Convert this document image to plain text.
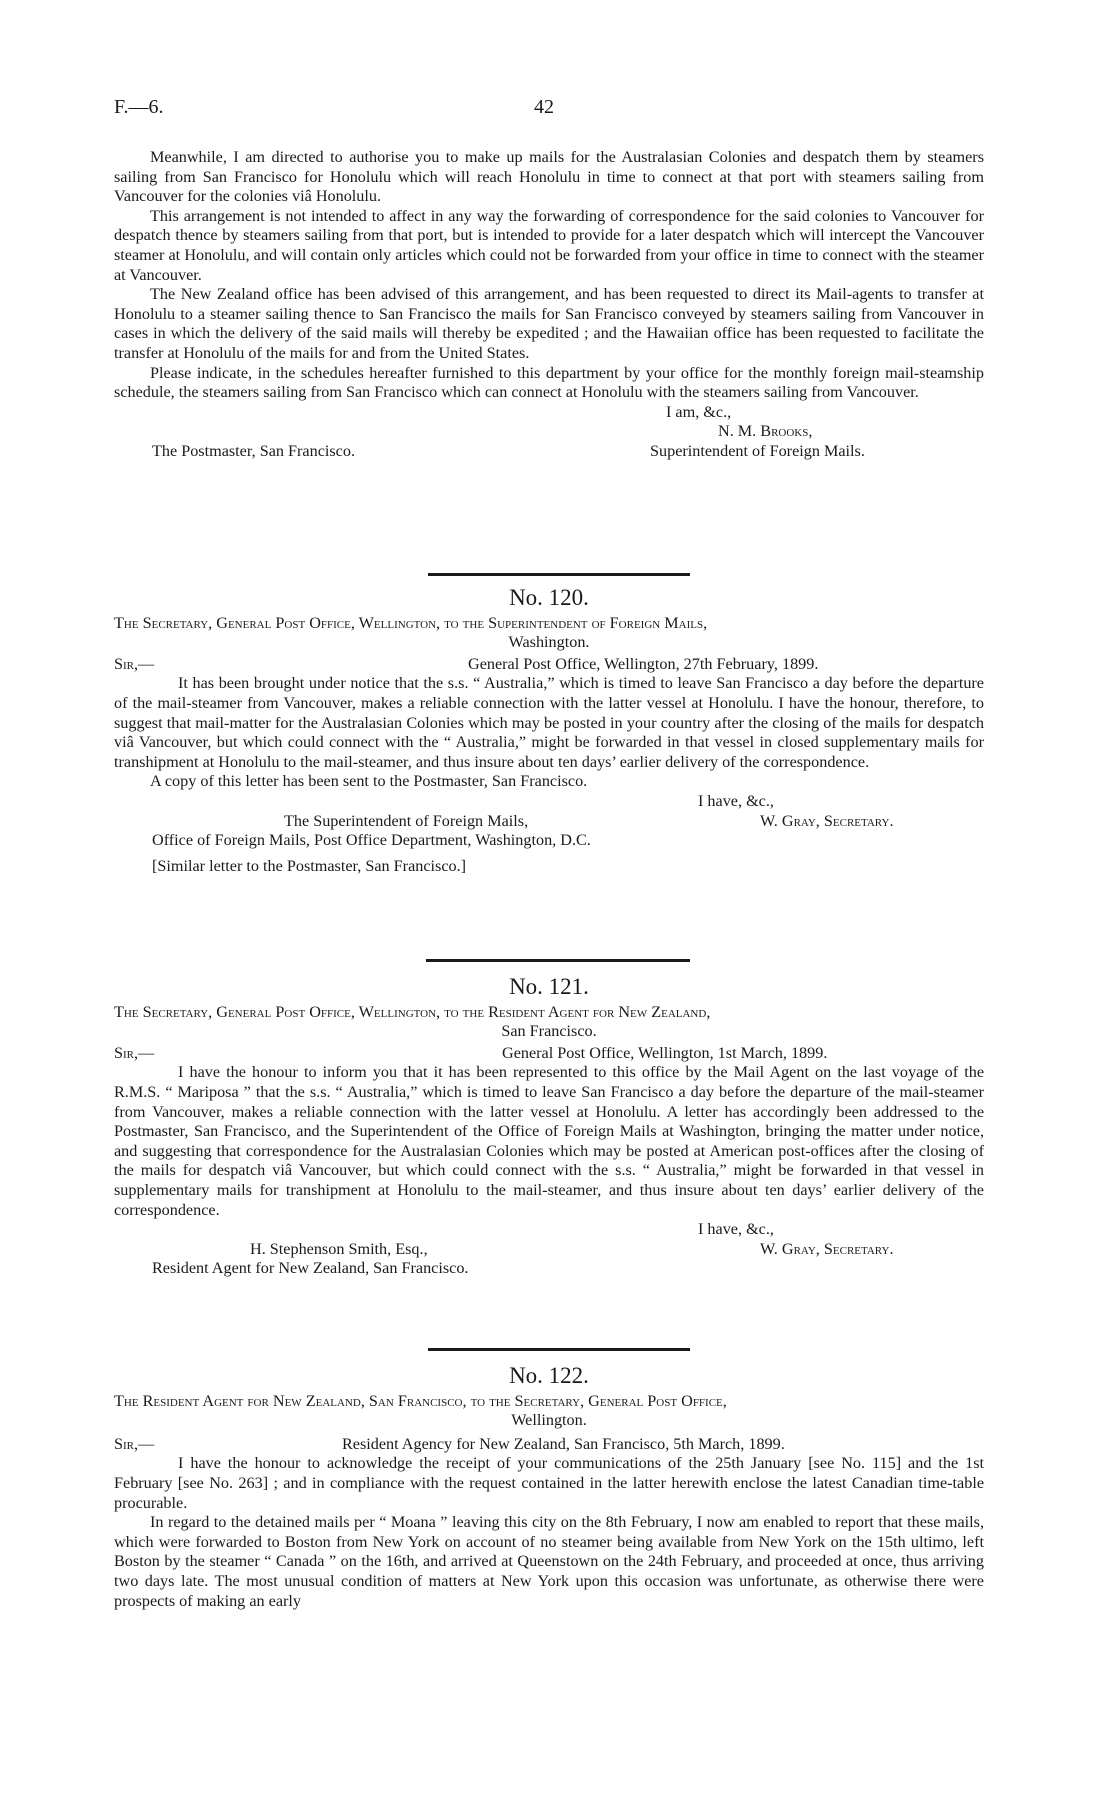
F.—6.	42

Meanwhile, I am directed to authorise you to make up mails for the Australasian Colonies and despatch them by steamers sailing from San Francisco for Honolulu which will reach Honolulu in time to connect at that port with steamers sailing from Vancouver for the colonies viâ Honolulu.

This arrangement is not intended to affect in any way the forwarding of correspondence for the said colonies to Vancouver for despatch thence by steamers sailing from that port, but is intended to provide for a later despatch which will intercept the Vancouver steamer at Honolulu, and will contain only articles which could not be forwarded from your office in time to connect with the steamer at Vancouver.

The New Zealand office has been advised of this arrangement, and has been requested to direct its Mail-agents to transfer at Honolulu to a steamer sailing thence to San Francisco the mails for San Francisco conveyed by steamers sailing from Vancouver in cases in which the delivery of the said mails will thereby be expedited ; and the Hawaiian office has been requested to facilitate the transfer at Honolulu of the mails for and from the United States.

Please indicate, in the schedules hereafter furnished to this department by your office for the monthly foreign mail-steamship schedule, the steamers sailing from San Francisco which can connect at Honolulu with the steamers sailing from Vancouver.

I am, &c.,
N. M. Brooks,
The Postmaster, San Francisco.	Superintendent of Foreign Mails.

No. 120.

The Secretary, General Post Office, Wellington, to the Superintendent of Foreign Mails,

Washington.

Sir,—	General Post Office, Wellington, 27th February, 1899.

It has been brought under notice that the s.s. “ Australia,” which is timed to leave San Francisco a day before the departure of the mail-steamer from Vancouver, makes a reliable connection with the latter vessel at Honolulu. I have the honour, therefore, to suggest that mail-matter for the Australasian Colonies which may be posted in your country after the closing of the mails for despatch viâ Vancouver, but which could connect with the “ Australia,” might be forwarded in that vessel in closed supplementary mails for transhipment at Honolulu to the mail-steamer, and thus insure about ten days’ earlier delivery of the correspondence.

A copy of this letter has been sent to the Postmaster, San Francisco.

I have, &c.,
The Superintendent of Foreign Mails,	W. Gray, Secretary.
Office of Foreign Mails, Post Office Department, Washington, D.C.
[Similar letter to the Postmaster, San Francisco.]

No. 121.

The Secretary, General Post Office, Wellington, to the Resident Agent for New Zealand,

San Francisco.

Sir,—	General Post Office, Wellington, 1st March, 1899.

I have the honour to inform you that it has been represented to this office by the Mail Agent on the last voyage of the R.M.S. “ Mariposa ” that the s.s. “ Australia,” which is timed to leave San Francisco a day before the departure of the mail-steamer from Vancouver, makes a reliable connection with the latter vessel at Honolulu. A letter has accordingly been addressed to the Postmaster, San Francisco, and the Superintendent of the Office of Foreign Mails at Washington, bringing the matter under notice, and suggesting that correspondence for the Australasian Colonies which may be posted at American post-offices after the closing of the mails for despatch viâ Vancouver, but which could connect with the s.s. “ Australia,” might be forwarded in that vessel in supplementary mails for transhipment at Honolulu to the mail-steamer, and thus insure about ten days’ earlier delivery of the correspondence.

I have, &c.,
H. Stephenson Smith, Esq.,	W. Gray, Secretary.
Resident Agent for New Zealand, San Francisco.

No. 122.

The Resident Agent for New Zealand, San Francisco, to the Secretary, General Post Office,

Wellington.

Sir,—	Resident Agency for New Zealand, San Francisco, 5th March, 1899.

I have the honour to acknowledge the receipt of your communications of the 25th January [see No. 115] and the 1st February [see No. 263] ; and in compliance with the request contained in the latter herewith enclose the latest Canadian time-table procurable.

In regard to the detained mails per “ Moana ” leaving this city on the 8th February, I now am enabled to report that these mails, which were forwarded to Boston from New York on account of no steamer being available from New York on the 15th ultimo, left Boston by the steamer “ Canada ” on the 16th, and arrived at Queenstown on the 24th February, and proceeded at once, thus arriving two days late. The most unusual condition of matters at New York upon this occasion was unfortunate, as otherwise there were prospects of making an early
